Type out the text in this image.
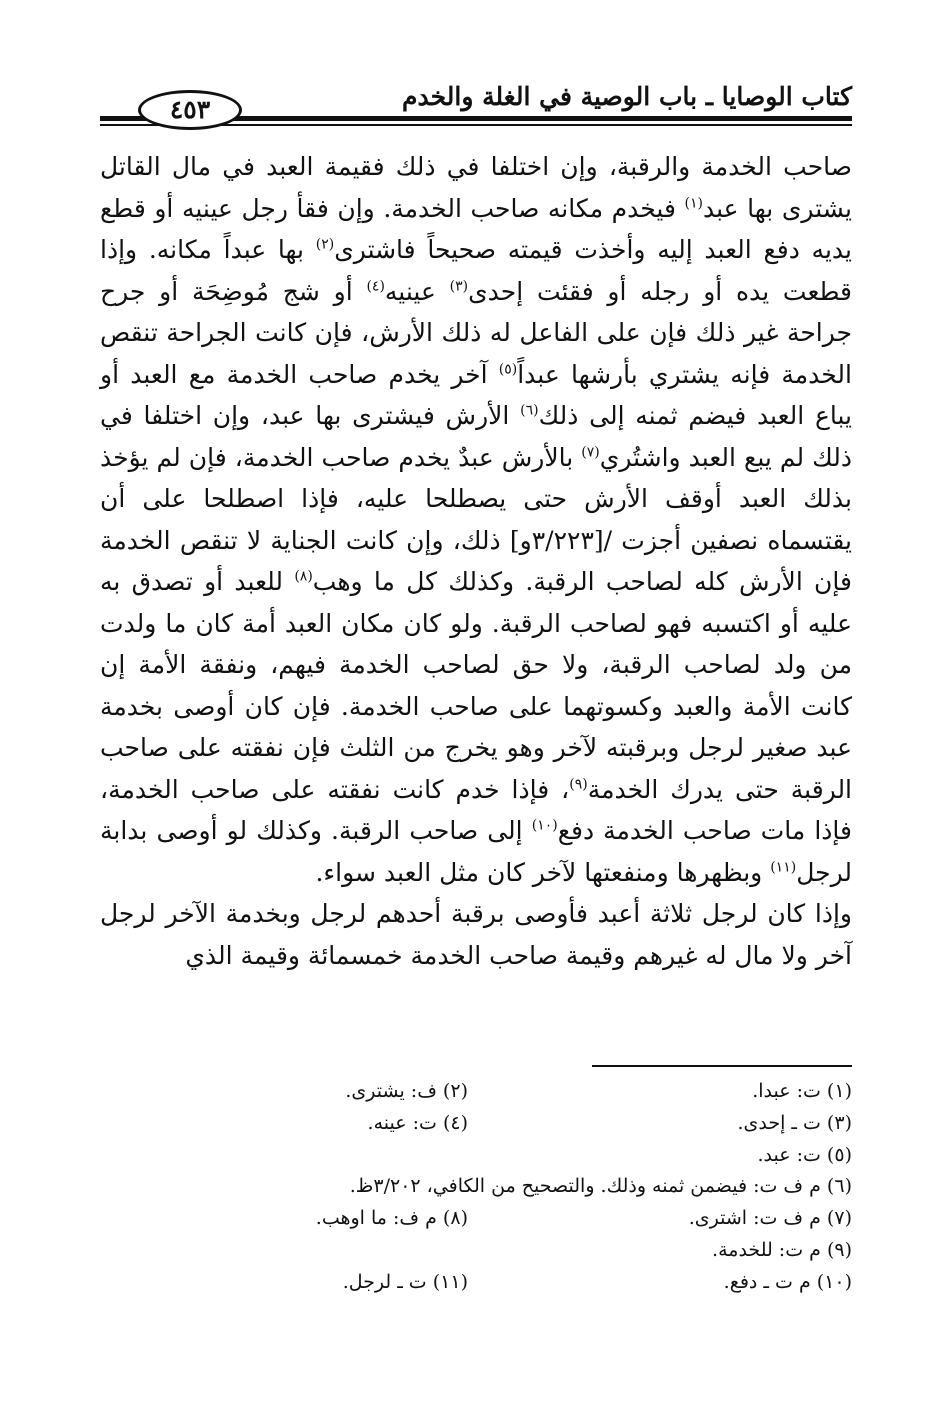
٤٥٣	كتاب الوصايا ـ باب الوصية في الغلة والخدم

صاحب الخدمة والرقبة، وإن اختلفا في ذلك فقيمة العبد في مال القاتل يشترى بها عبد$^{(١)}$ فيخدم مكانه صاحب الخدمة. وإن فقأ رجل عينيه أو قطع يديه دفع العبد إليه وأخذت قيمته صحيحاً فاشترى$^{(٢)}$ بها عبداً مكانه. وإذا قطعت يده أو رجله أو فقئت إحدى$^{(٣)}$ عينيه$^{(٤)}$ أو شج مُوضِحَة أو جرح جراحة غير ذلك فإن على الفاعل له ذلك الأرش، فإن كانت الجراحة تنقص الخدمة فإنه يشتري بأرشها عبداً$^{(٥)}$ آخر يخدم صاحب الخدمة مع العبد أو يباع العبد فيضم ثمنه إلى ذلك$^{(٦)}$ الأرش فيشترى بها عبد، وإن اختلفا في ذلك لم يبع العبد واشتُري$^{(٧)}$ بالأرش عبدٌ يخدم صاحب الخدمة، فإن لم يؤخذ بذلك العبد أوقف الأرش حتى يصطلحا عليه، فإذا اصطلحا على أن يقتسماه نصفين أجزت /[٣/٢٢٣و] ذلك، وإن كانت الجناية لا تنقص الخدمة فإن الأرش كله لصاحب الرقبة. وكذلك كل ما وهب$^{(٨)}$ للعبد أو تصدق به عليه أو اكتسبه فهو لصاحب الرقبة. ولو كان مكان العبد أمة كان ما ولدت من ولد لصاحب الرقبة، ولا حق لصاحب الخدمة فيهم، ونفقة الأمة إن كانت الأمة والعبد وكسوتهما على صاحب الخدمة. فإن كان أوصى بخدمة عبد صغير لرجل وبرقبته لآخر وهو يخرج من الثلث فإن نفقته على صاحب الرقبة حتى يدرك الخدمة$^{(٩)}$، فإذا خدم كانت نفقته على صاحب الخدمة، فإذا مات صاحب الخدمة دفع$^{(١٠)}$ إلى صاحب الرقبة. وكذلك لو أوصى بدابة لرجل$^{(١١)}$ وبظهرها ومنفعتها لآخر كان مثل العبد سواء.

وإذا كان لرجل ثلاثة أعبد فأوصى برقبة أحدهم لرجل وبخدمة الآخر لرجل آخر ولا مال له غيرهم وقيمة صاحب الخدمة خمسمائة وقيمة الذي

(١) ت: عبدا.
(٢) ف: يشترى.
(٣) ت ـ إحدى.
(٤) ت: عينه.
(٥) ت: عبد.
(٦) م ف ت: فيضمن ثمنه وذلك. والتصحيح من الكافي، ٣/٢٠٢ظ.
(٧) م ف ت: اشترى.
(٨) م ف: ما اوهب.
(٩) م ت: للخدمة.
(١٠) م ت ـ دفع.
(١١) ت ـ لرجل.
